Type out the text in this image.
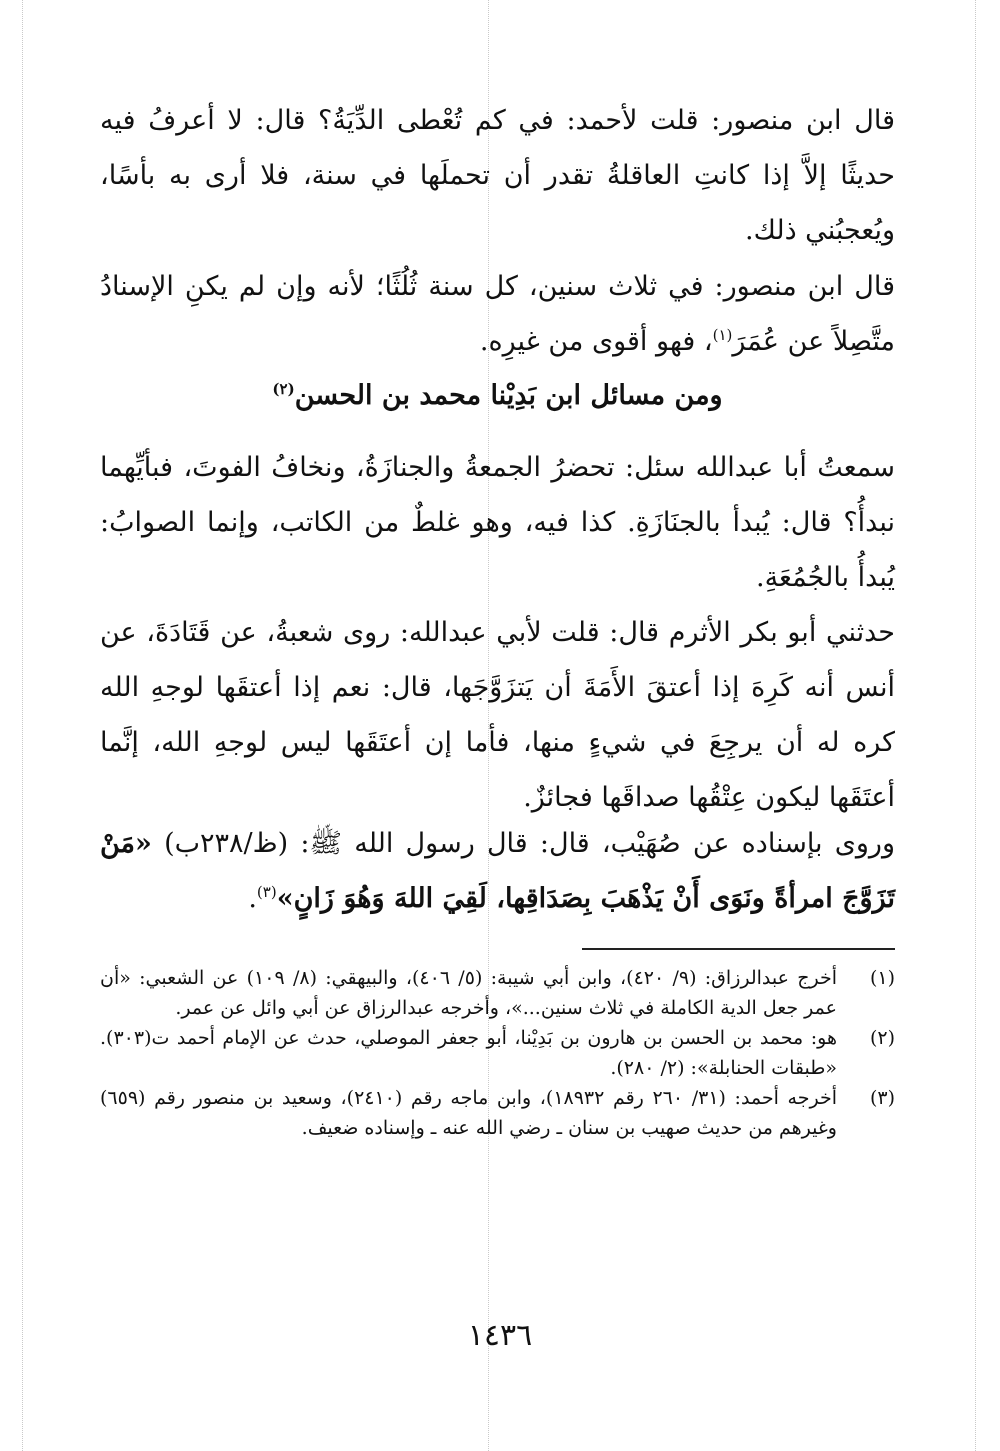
قال ابن منصور: قلت لأحمد: في كم تُعْطى الدِّيَةُ؟ قال: لا أعرفُ فيه حديثًا إلاَّ إذا كانتِ العاقلةُ تقدر أن تحملَها في سنة، فلا أرى به بأسًا، ويُعجبُني ذلك.

قال ابن منصور: في ثلاث سنين، كل سنة ثُلُثًا؛ لأنه وإن لم يكنِ الإسنادُ متَّصِلاً عن عُمَرَ$^{(١)}$، فهو أقوى من غيرِه.

ومن مسائل ابن بَدِيْنا محمد بن الحسن$^{(٢)}$

سمعتُ أبا عبدالله سئل: تحضرُ الجمعةُ والجنازَةُ، ونخافُ الفوتَ، فبأيِّهما نبدأُ؟ قال: يُبدأ بالجنَازَةِ. كذا فيه، وهو غلطٌ من الكاتب، وإنما الصوابُ: يُبدأُ بالجُمُعَةِ.

حدثني أبو بكر الأثرم قال: قلت لأبي عبدالله: روى شعبةُ، عن قَتَادَةَ، عن أنس أنه كَرِهَ إذا أعتقَ الأَمَةَ أن يَتزَوَّجَها، قال: نعم إذا أعتقَها لوجهِ الله كره له أن يرجِعَ في شيءٍ منها، فأما إن أعتَقَها ليس لوجهِ الله، إنَّما أعتَقَها ليكون عِتْقُها صداقَها فجائزٌ.

وروى بإسناده عن صُهَيْب، قال: قال رسول الله ﷺ: (ظ/٢٣٨ب) «مَنْ تَزَوَّجَ امرأةً ونَوَى أَنْ يَذْهَبَ بِصَدَاقِها، لَقِيَ اللهَ وَهُوَ زَانٍ»$^{(٣)}$.

(١)
أخرج عبدالرزاق: (٩/ ٤٢٠)، وابن أبي شيبة: (٥/ ٤٠٦)، والبيهقي: (٨/ ١٠٩) عن الشعبي: «أن عمر جعل الدية الكاملة في ثلاث سنين...»، وأخرجه عبدالرزاق عن أبي وائل عن عمر.
(٢)
هو: محمد بن الحسن بن هارون بن بَدِيْنا، أبو جعفر الموصلي، حدث عن الإمام أحمد ت(٣٠٣). «طبقات الحنابلة»: (٢/ ٢٨٠).
(٣)
أخرجه أحمد: (٣١/ ٢٦٠ رقم ١٨٩٣٢)، وابن ماجه رقم (٢٤١٠)، وسعيد بن منصور رقم (٦٥٩) وغيرهم من حديث صهيب بن سنان ـ رضي الله عنه ـ وإسناده ضعيف.
١٤٣٦
